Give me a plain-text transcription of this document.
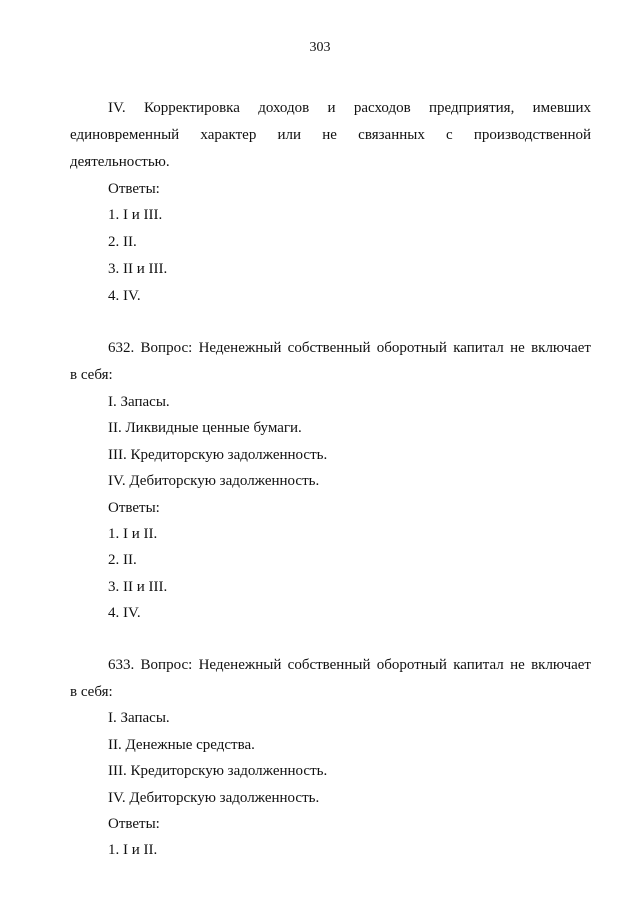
303
IV. Корректировка доходов и расходов предприятия, имевших
единовременный характер или не связанных с производственной
деятельностью.
Ответы:
1. I и III.
2. II.
3. II и III.
4. IV.
632. Вопрос: Неденежный собственный оборотный капитал не включает
в себя:
I. Запасы.
II. Ликвидные ценные бумаги.
III. Кредиторскую задолженность.
IV. Дебиторскую задолженность.
Ответы:
1. I и II.
2. II.
3. II и III.
4. IV.
633. Вопрос: Неденежный собственный оборотный капитал не включает
в себя:
I. Запасы.
II. Денежные средства.
III. Кредиторскую задолженность.
IV. Дебиторскую задолженность.
Ответы:
1. I и II.
